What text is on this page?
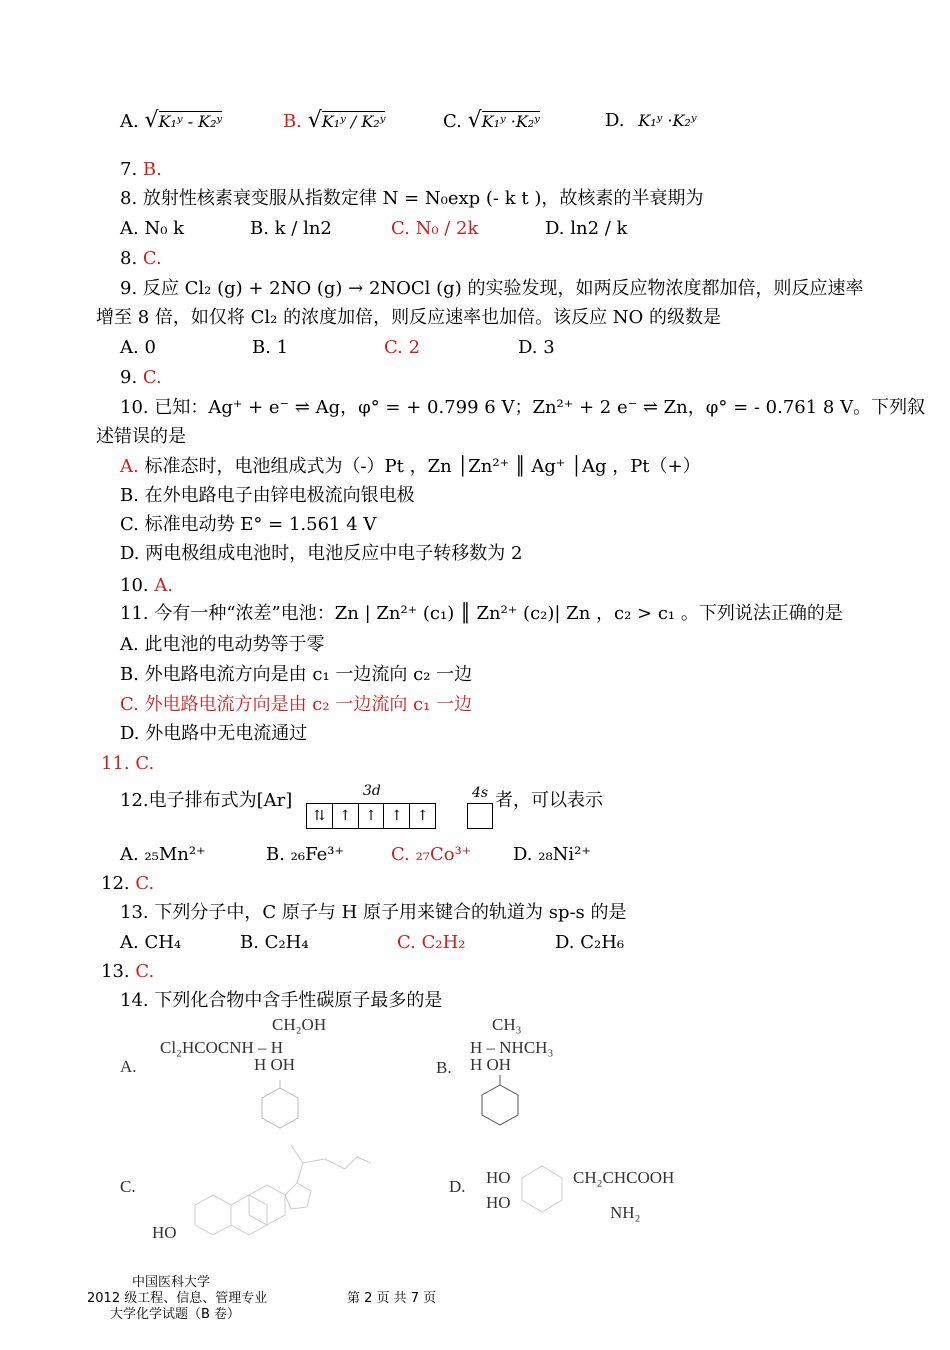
A. √K₁ʸ - K₂ʸ	B. √K₁ʸ / K₂ʸ	C. √K₁ʸ ·K₂ʸ	D. K₁ʸ ·K₂ʸ
7. B.
8. 放射性核素衰变服从指数定律 N = N₀exp (- k t )，故核素的半衰期为
A. N₀ k	B. k / ln2	C. N₀ / 2k	D. ln2 / k
8. C.
9. 反应 Cl₂ (g) + 2NO (g) → 2NOCl (g) 的实验发现，如两反应物浓度都加倍，则反应速率
增至 8 倍，如仅将 Cl₂ 的浓度加倍，则反应速率也加倍。该反应 NO 的级数是
A. 0	B. 1	C. 2	D. 3
9. C.
10. 已知：Ag⁺ + e⁻ ⇌ Ag，φ° = + 0.799 6 V；Zn²⁺ + 2 e⁻ ⇌ Zn，φ° = - 0.761 8 V。下列叙
述错误的是
A. 标准态时，电池组成式为（-）Pt ，Zn │Zn²⁺ ║ Ag⁺ │Ag ，Pt（+）
B. 在外电路电子由锌电极流向银电极
C. 标准电动势 E° = 1.561 4 V
D. 两电极组成电池时，电池反应中电子转移数为 2
10. A.
11. 今有一种“浓差”电池：Zn | Zn²⁺ (c₁) ║ Zn²⁺ (c₂)| Zn ，c₂ > c₁ 。下列说法正确的是
A. 此电池的电动势等于零
B. 外电路电流方向是由 c₁ 一边流向 c₂ 一边
C. 外电路电流方向是由 c₂ 一边流向 c₁ 一边
D. 外电路中无电流通过
11. C.
12.电子排布式为[Ar]	3d
⇅	↑	↑	↑	↑
4s 者，可以表示
A. ₂₅Mn²⁺	B. ₂₆Fe³⁺	C. ₂₇Co³⁺ D. ₂₈Ni²⁺
12. C.
13. 下列分子中，C 原子与 H 原子用来键合的轨道为 sp-s 的是
A. CH₄	B. C₂H₄	C. C₂H₂	D. C₂H₆
13. C.
14. 下列化合物中含手性碳原子最多的是
A.
CH₂OH
Cl₂HCOCNH – H
H OH	B.
CH₃
H – NHCH₃
H OH
C.
HO
D. HO
HO
CH₂CHCOOH
NH₂
中国医科大学
2012 级工程、信息、管理专业
大学化学试题（B 卷）
第 2 页 共 7 页
